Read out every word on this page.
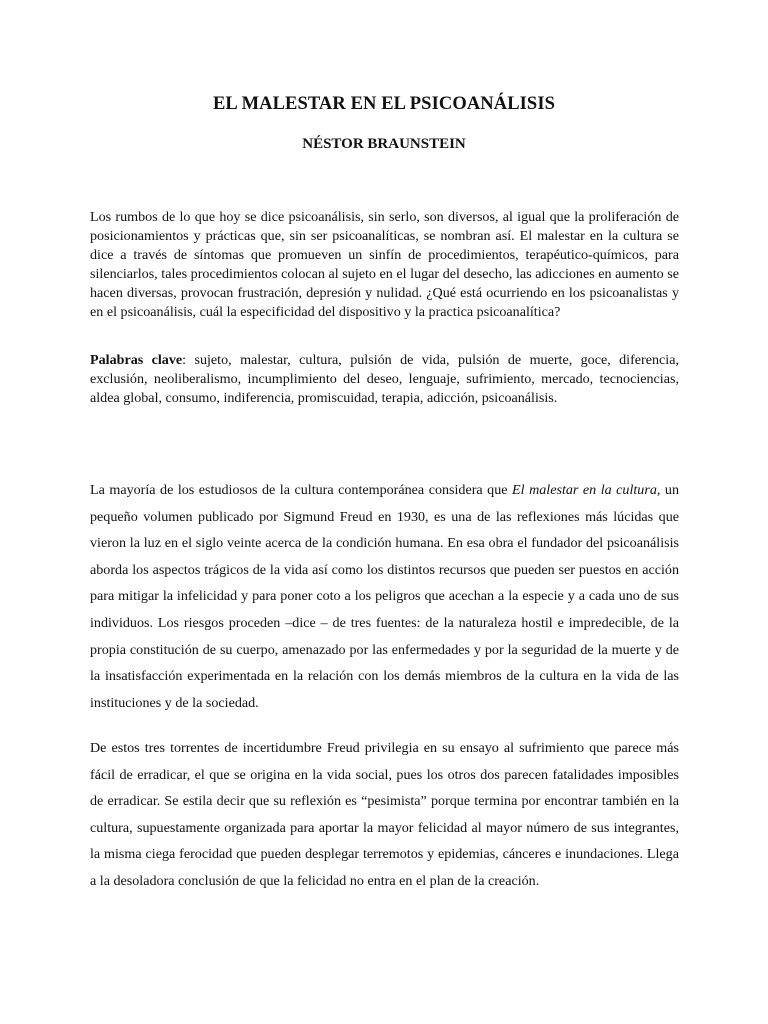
EL MALESTAR EN EL PSICOANÁLISIS
NÉSTOR BRAUNSTEIN

Los rumbos de lo que hoy se dice psicoanálisis, sin serlo, son diversos, al igual que la proliferación de posicionamientos y prácticas que, sin ser psicoanalíticas, se nombran así. El malestar en la cultura se dice a través de síntomas que promueven un sinfín de procedimientos, terapéutico-químicos, para silenciarlos, tales procedimientos colocan al sujeto en el lugar del desecho, las adicciones en aumento se hacen diversas, provocan frustración, depresión y nulidad. ¿Qué está ocurriendo en los psicoanalistas y en el psicoanálisis, cuál la especificidad del dispositivo y la practica psicoanalítica?

Palabras clave: sujeto, malestar, cultura, pulsión de vida, pulsión de muerte, goce, diferencia, exclusión, neoliberalismo, incumplimiento del deseo, lenguaje, sufrimiento, mercado, tecnociencias, aldea global, consumo, indiferencia, promiscuidad, terapia, adicción, psicoanálisis.

La mayoría de los estudiosos de la cultura contemporánea considera que El malestar en la cultura, un pequeño volumen publicado por Sigmund Freud en 1930, es una de las reflexiones más lúcidas que vieron la luz en el siglo veinte acerca de la condición humana. En esa obra el fundador del psicoanálisis aborda los aspectos trágicos de la vida así como los distintos recursos que pueden ser puestos en acción para mitigar la infelicidad y para poner coto a los peligros que acechan a la especie y a cada uno de sus individuos. Los riesgos proceden –dice – de tres fuentes: de la naturaleza hostil e impredecible, de la propia constitución de su cuerpo, amenazado por las enfermedades y por la seguridad de la muerte y de la insatisfacción experimentada en la relación con los demás miembros de la cultura en la vida de las instituciones y de la sociedad.

De estos tres torrentes de incertidumbre Freud privilegia en su ensayo al sufrimiento que parece más fácil de erradicar, el que se origina en la vida social, pues los otros dos parecen fatalidades imposibles de erradicar. Se estila decir que su reflexión es “pesimista” porque termina por encontrar también en la cultura, supuestamente organizada para aportar la mayor felicidad al mayor número de sus integrantes, la misma ciega ferocidad que pueden desplegar terremotos y epidemias, cánceres e inundaciones. Llega a la desoladora conclusión de que la felicidad no entra en el plan de la creación.
